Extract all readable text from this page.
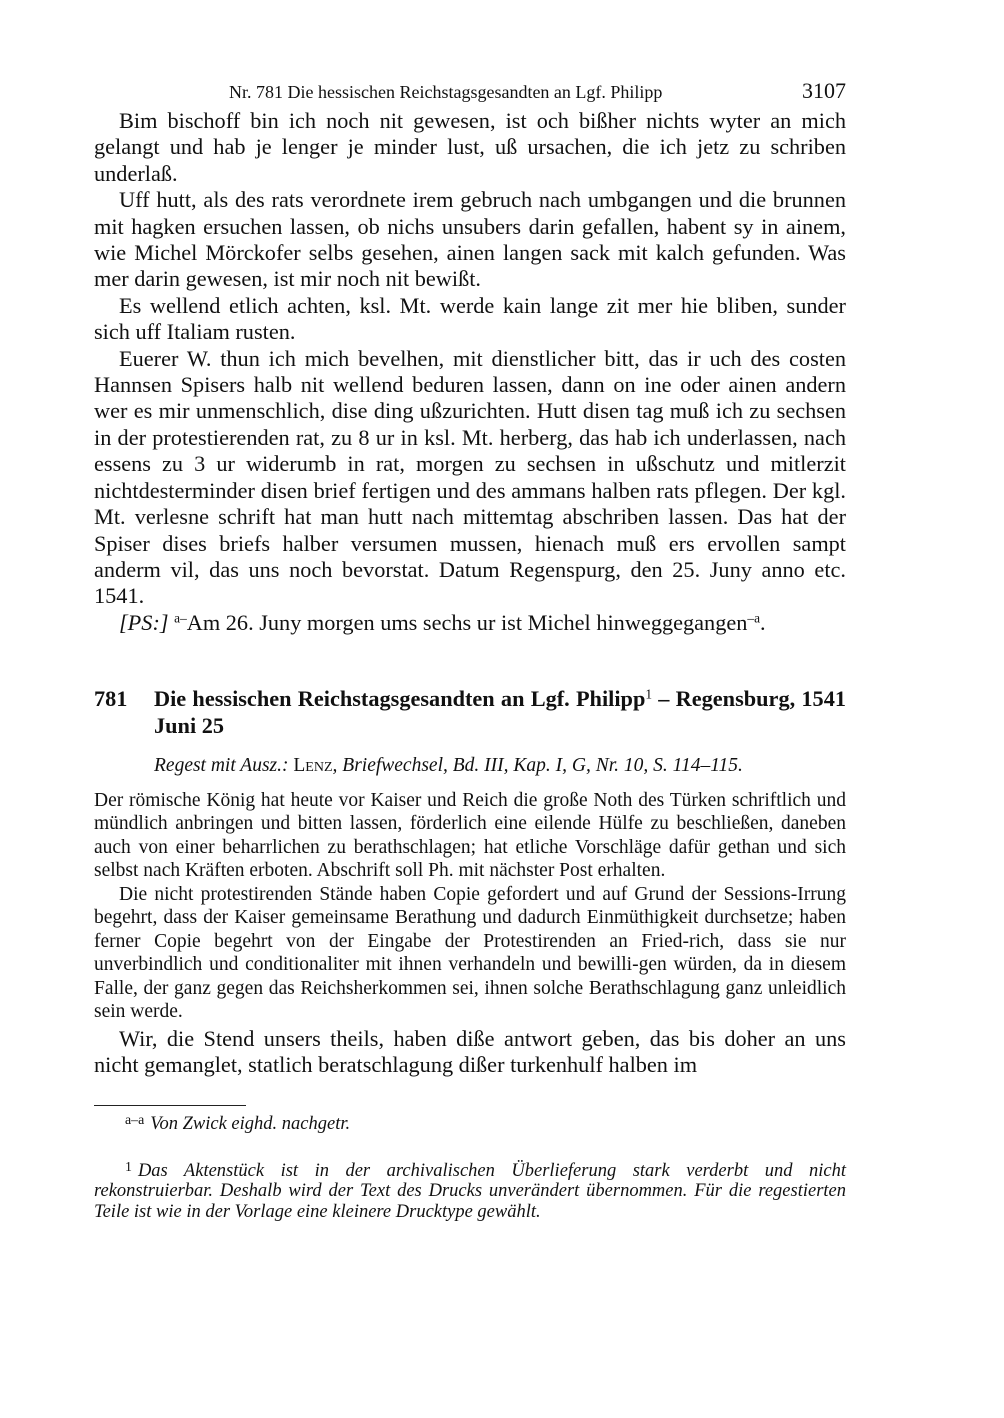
Nr. 781 Die hessischen Reichstagsgesandten an Lgf. Philipp	3107

Bim bischoff bin ich noch nit gewesen, ist och bißher nichts wyter an mich gelangt und hab je lenger je minder lust, uß ursachen, die ich jetz zu schriben underlaß.

Uff hutt, als des rats verordnete irem gebruch nach umbgangen und die brunnen mit hagken ersuchen lassen, ob nichs unsubers darin gefallen, habent sy in ainem, wie Michel Mörckofer selbs gesehen, ainen langen sack mit kalch gefunden. Was mer darin gewesen, ist mir noch nit bewißt.

Es wellend etlich achten, ksl. Mt. werde kain lange zit mer hie bliben, sunder sich uff Italiam rusten.

Euerer W. thun ich mich bevelhen, mit dienstlicher bitt, das ir uch des costen Hannsen Spisers halb nit wellend beduren lassen, dann on ine oder ainen andern wer es mir unmenschlich, dise ding ußzurichten. Hutt disen tag muß ich zu sechsen in der protestierenden rat, zu 8 ur in ksl. Mt. herberg, das hab ich underlassen, nach essens zu 3 ur widerumb in rat, morgen zu sechsen in ußschutz und mitlerzit nichtdesterminder disen brief fertigen und des ammans halben rats pflegen. Der kgl. Mt. verlesne schrift hat man hutt nach mittemtag abschriben lassen. Das hat der Spiser dises briefs halber versumen mussen, hienach muß ers ervollen sampt anderm vil, das uns noch bevorstat. Datum Regenspurg, den 25. Juny anno etc. 1541.

[PS:] $^{a-}$Am 26. Juny morgen ums sechs ur ist Michel hinweggegangen$^{-a}$.

781	Die hessischen Reichstagsgesandten an Lgf. Philipp$^1$ – Regensburg, 1541 Juni 25
Regest mit Ausz.: Lenz, Briefwechsel, Bd. III, Kap. I, G, Nr. 10, S. 114–115.

Der römische König hat heute vor Kaiser und Reich die große Noth des Türken schriftlich und mündlich anbringen und bitten lassen, förderlich eine eilende Hülfe zu beschließen, daneben auch von einer beharrlichen zu berathschlagen; hat etliche Vorschläge dafür gethan und sich selbst nach Kräften erboten. Abschrift soll Ph. mit nächster Post erhalten.

Die nicht protestirenden Stände haben Copie gefordert und auf Grund der Sessions-Irrung begehrt, dass der Kaiser gemeinsame Berathung und dadurch Einmüthigkeit durchsetze; haben ferner Copie begehrt von der Eingabe der Protestirenden an Fried-rich, dass sie nur unverbindlich und conditionaliter mit ihnen verhandeln und bewilli-gen würden, da in diesem Falle, der ganz gegen das Reichsherkommen sei, ihnen solche Berathschlagung ganz unleidlich sein werde.

Wir, die Stend unsers theils, haben diße antwort geben, das bis doher an uns nicht gemanglet, statlich beratschlagung dißer turkenhulf halben im

$^{a-a}$ Von Zwick eighd. nachgetr.
$^1$ Das Aktenstück ist in der archivalischen Überlieferung stark verderbt und nicht rekonstruierbar. Deshalb wird der Text des Drucks unverändert übernommen. Für die regestierten Teile ist wie in der Vorlage eine kleinere Drucktype gewählt.
